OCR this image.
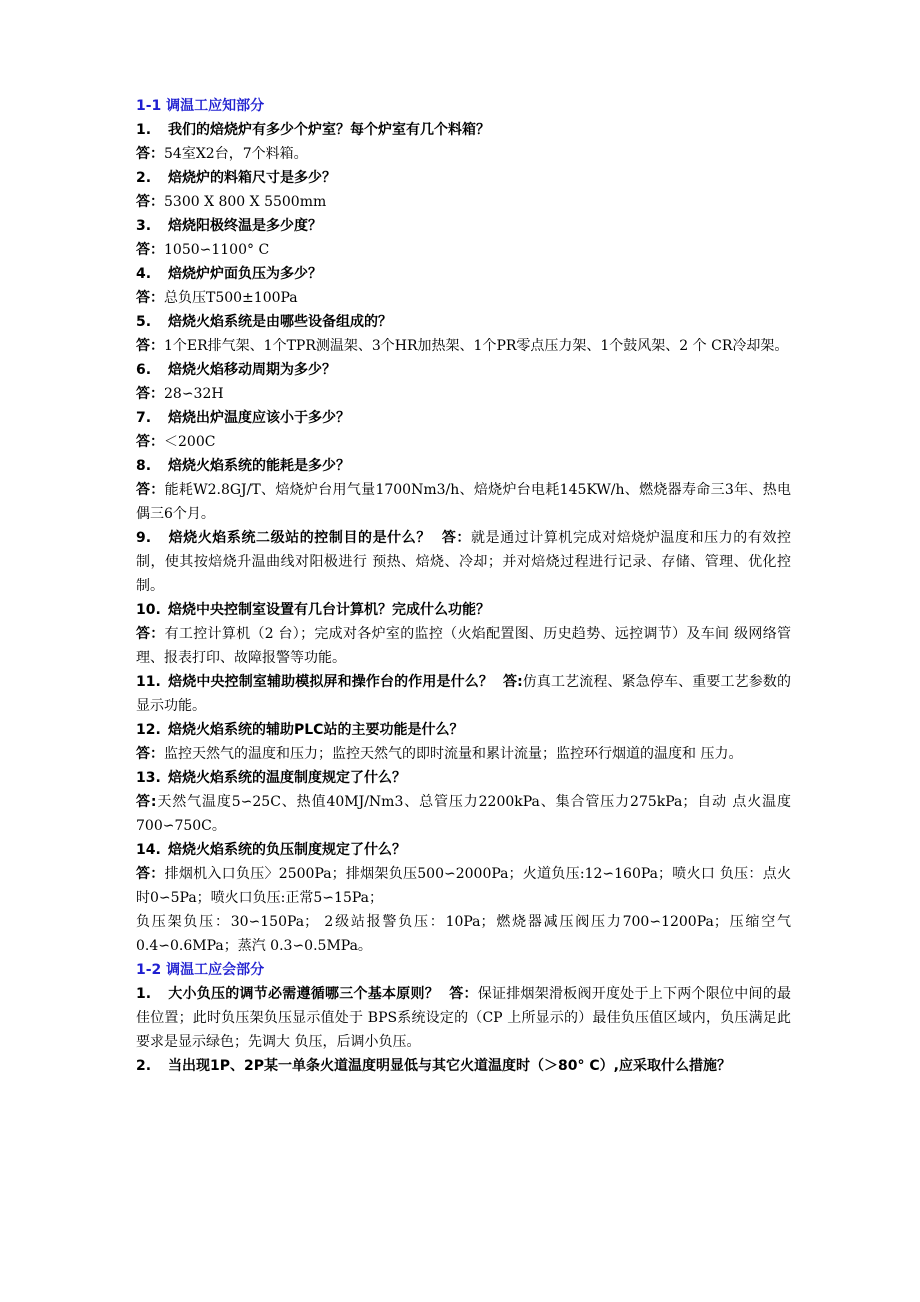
1-1 调温工应知部分
1. 我们的焙烧炉有多少个炉室？每个炉室有几个料箱？
答：54室X2台，7个料箱。
2. 焙烧炉的料箱尺寸是多少？
答：5300 X 800 X 5500mm
3. 焙烧阳极终温是多少度？
答：1050∽1100° C
4. 焙烧炉炉面负压为多少？
答：总负压T500±100Pa
5. 焙烧火焰系统是由哪些设备组成的？
答：1个ER排气架、1个TPR测温架、3个HR加热架、1个PR零点压力架、1个鼓风架、2 个 CR冷却架。
6. 焙烧火焰移动周期为多少？
答：28∽32H
7. 焙烧出炉温度应该小于多少？
答：＜200C
8. 焙烧火焰系统的能耗是多少？
答：能耗W2.8GJ/T、焙烧炉台用气量1700Nm3/h、焙烧炉台电耗145KW/h、燃烧器寿命三3年、热电偶三6个月。
9. 焙烧火焰系统二级站的控制目的是什么？ 答：就是通过计算机完成对焙烧炉温度和压力的有效控制，使其按焙烧升温曲线对阳极进行 预热、焙烧、冷却；并对焙烧过程进行记录、存储、管理、优化控制。
10. 焙烧中央控制室设置有几台计算机？完成什么功能？
答：有工控计算机（2 台）；完成对各炉室的监控（火焰配置图、历史趋势、远控调节）及车间 级网络管理、报表打印、故障报警等功能。
11. 焙烧中央控制室辅助模拟屏和操作台的作用是什么？ 答:仿真工艺流程、紧急停车、重要工艺参数的显示功能。
12. 焙烧火焰系统的辅助PLC站的主要功能是什么？
答：监控天然气的温度和压力；监控天然气的即时流量和累计流量；监控环行烟道的温度和 压力。
13. 焙烧火焰系统的温度制度规定了什么？
答:天然气温度5∽25C、热值40MJ/Nm3、总管压力2200kPa、集合管压力275kPa；自动 点火温度700∽750C。
14. 焙烧火焰系统的负压制度规定了什么？
答：排烟机入口负压〉2500Pa；排烟架负压500∽2000Pa；火道负压:12∽160Pa；喷火口 负压：点火时0∽5Pa；喷火口负压:正常5∽15Pa；
负压架负压：30∽150Pa； 2级站报警负压：10Pa；燃烧器减压阀压力700∽1200Pa；压缩空气 0.4∽0.6MPa；蒸汽 0.3∽0.5MPa。
1-2 调温工应会部分
1. 大小负压的调节必需遵循哪三个基本原则？ 答：保证排烟架滑板阀开度处于上下两个限位中间的最佳位置；此时负压架负压显示值处于 BPS系统设定的（CP 上所显示的）最佳负压值区域内，负压满足此要求是显示绿色；先调大 负压，后调小负压。
2. 当出现1P、2P某一单条火道温度明显低与其它火道温度时（＞80° C）,应采取什么措施？
